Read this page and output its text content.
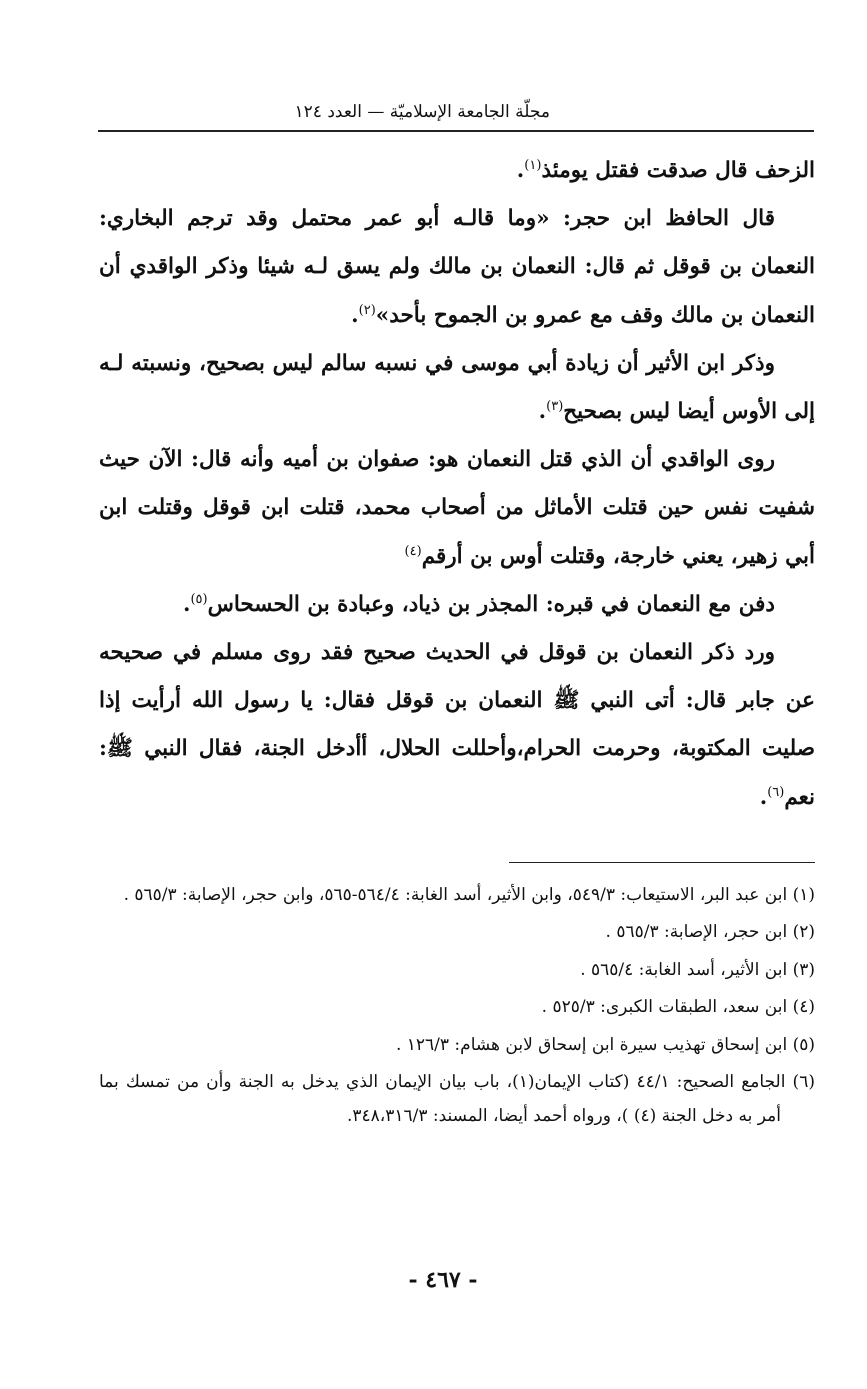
مجلّة الجامعة الإسلاميّة — العدد ١٢٤

الزحف قال صدقت فقتل يومئذ$^{(١)}$.

قال الحافظ ابن حجر: «وما قالـه أبو عمر محتمل وقد ترجم البخاري: النعمان بن قوقل ثم قال: النعمان بن مالك ولم يسق لـه شيئا وذكر الواقدي أن النعمان بن مالك وقف مع عمرو بن الجموح بأحد»$^{(٢)}$.

وذكر ابن الأثير أن زيادة أبي موسى في نسبه سالم ليس بصحيح، ونسبته لـه إلى الأوس أيضا ليس بصحيح$^{(٣)}$.

روى الواقدي أن الذي قتل النعمان هو: صفوان بن أميه وأنه قال: الآن حيث شفيت نفس حين قتلت الأماثل من أصحاب محمد، قتلت ابن قوقل وقتلت ابن أبي زهير، يعني خارجة، وقتلت أوس بن أرقم$^{(٤)}$

دفن مع النعمان في قبره: المجذر بن ذياد، وعبادة بن الحسحاس$^{(٥)}$.

ورد ذكر النعمان بن قوقل في الحديث صحيح فقد روى مسلم في صحيحه عن جابر قال: أتى النبي ﷺ النعمان بن قوقل فقال: يا رسول الله أرأيت إذا صليت المكتوبة، وحرمت الحرام،وأحللت الحلال، أأدخل الجنة، فقال النبي ﷺ: نعم$^{(٦)}$.

(١) ابن عبد البر، الاستيعاب: ٥٤٩/٣، وابن الأثير، أسد الغابة: ٥٦٤/٤-٥٦٥، وابن حجر، الإصابة: ٥٦٥/٣ .

(٢) ابن حجر، الإصابة: ٥٦٥/٣ .

(٣) ابن الأثير، أسد الغابة: ٥٦٥/٤ .

(٤) ابن سعد، الطبقات الكبرى: ٥٢٥/٣ .

(٥) ابن إسحاق تهذيب سيرة ابن إسحاق لابن هشام: ١٢٦/٣ .

(٦) الجامع الصحيح: ٤٤/١ (كتاب الإيمان(١)، باب بيان الإيمان الذي يدخل به الجنة وأن من تمسك بما أمر به دخل الجنة (٤) )، ورواه أحمد أيضا، المسند: ٣٤٨،٣١٦/٣.

- ٤٦٧ -
